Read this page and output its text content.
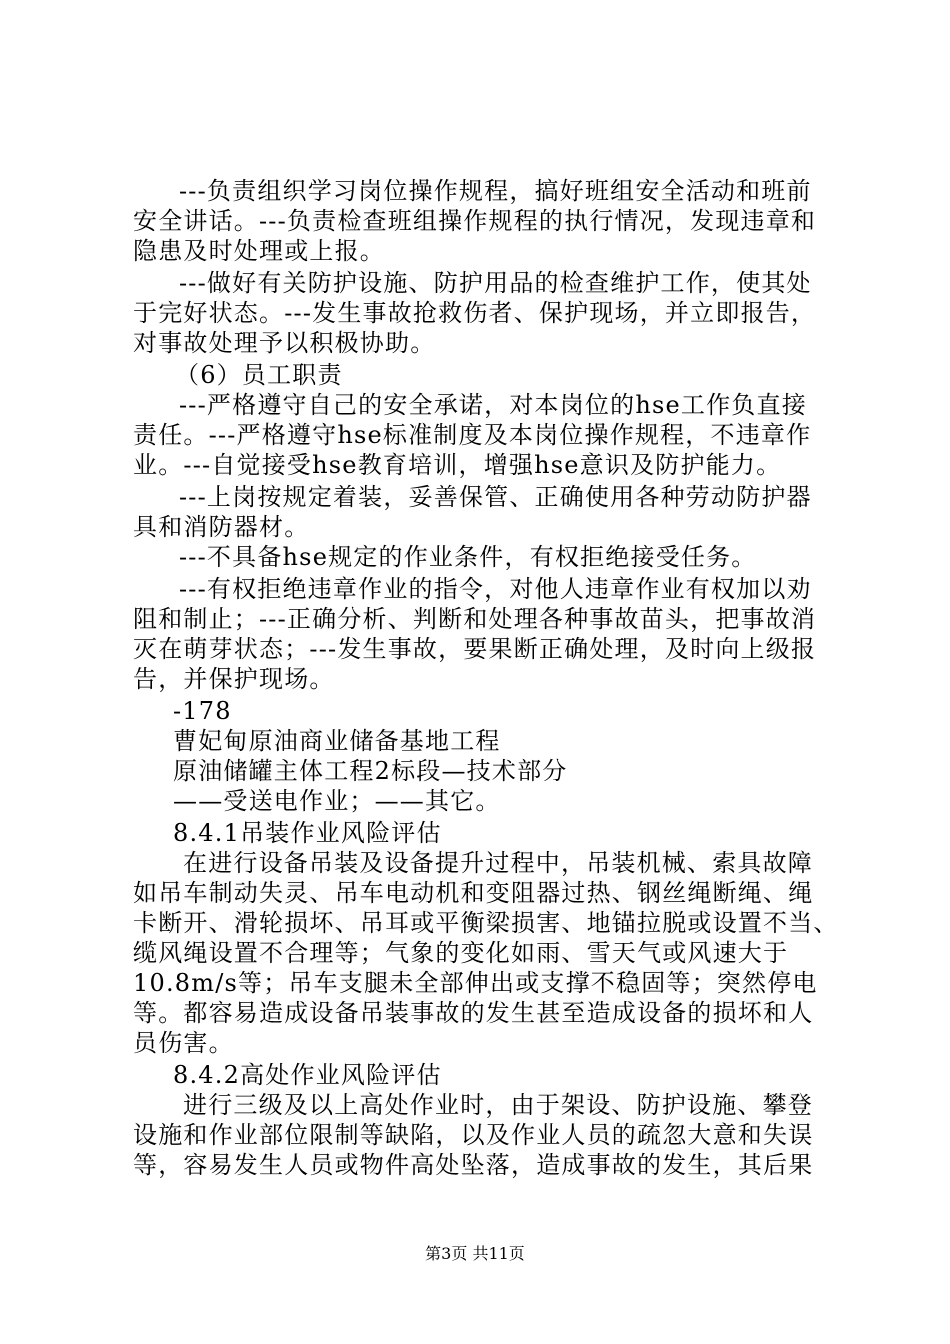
---负责组织学习岗位操作规程，搞好班组安全活动和班前
安全讲话。---负责检查班组操作规程的执行情况，发现违章和
隐患及时处理或上报。
---做好有关防护设施、防护用品的检查维护工作，使其处
于完好状态。---发生事故抢救伤者、保护现场，并立即报告，
对事故处理予以积极协助。
（6）员工职责
---严格遵守自己的安全承诺，对本岗位的hse工作负直接
责任。---严格遵守hse标准制度及本岗位操作规程，不违章作
业。---自觉接受hse教育培训，增强hse意识及防护能力。
---上岗按规定着装，妥善保管、正确使用各种劳动防护器
具和消防器材。
---不具备hse规定的作业条件，有权拒绝接受任务。
---有权拒绝违章作业的指令，对他人违章作业有权加以劝
阻和制止；---正确分析、判断和处理各种事故苗头，把事故消
灭在萌芽状态；---发生事故，要果断正确处理，及时向上级报
告，并保护现场。
-178
曹妃甸原油商业储备基地工程
原油储罐主体工程2标段—技术部分
——受送电作业；——其它。
8.4.1吊装作业风险评估
在进行设备吊装及设备提升过程中，吊装机械、索具故障
如吊车制动失灵、吊车电动机和变阻器过热、钢丝绳断绳、绳
卡断开、滑轮损坏、吊耳或平衡梁损害、地锚拉脱或设置不当、
缆风绳设置不合理等；气象的变化如雨、雪天气或风速大于
10.8m/s等；吊车支腿未全部伸出或支撑不稳固等；突然停电
等。都容易造成设备吊装事故的发生甚至造成设备的损坏和人
员伤害。
8.4.2高处作业风险评估
进行三级及以上高处作业时，由于架设、防护设施、攀登
设施和作业部位限制等缺陷，以及作业人员的疏忽大意和失误
等，容易发生人员或物件高处坠落，造成事故的发生，其后果
第3页 共11页
